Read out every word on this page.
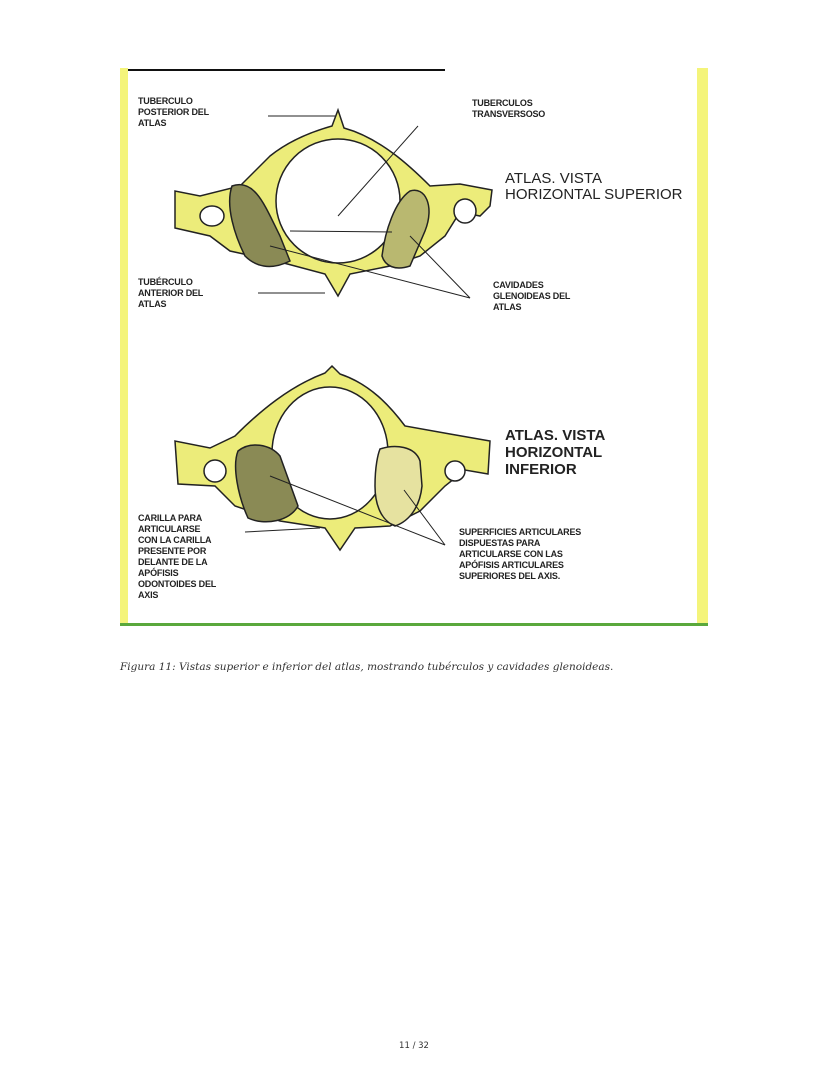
TUBERCULO
POSTERIOR DEL
ATLAS
TUBERCULOS
TRANSVERSOSO
ATLAS. VISTA
HORIZONTAL SUPERIOR
TUBÉRCULO
ANTERIOR DEL
ATLAS
CAVIDADES
GLENOIDEAS DEL
ATLAS
ATLAS. VISTA
HORIZONTAL
INFERIOR
CARILLA PARA
ARTICULARSE
CON LA CARILLA
PRESENTE POR
DELANTE DE LA
APÓFISIS
ODONTOIDES DEL
AXIS
SUPERFICIES ARTICULARES
DISPUESTAS PARA
ARTICULARSE CON LAS
APÓFISIS ARTICULARES
SUPERIORES DEL AXIS.
Figura 11: Vistas superior e inferior del atlas, mostrando tubérculos y cavidades glenoideas.
11 / 32
